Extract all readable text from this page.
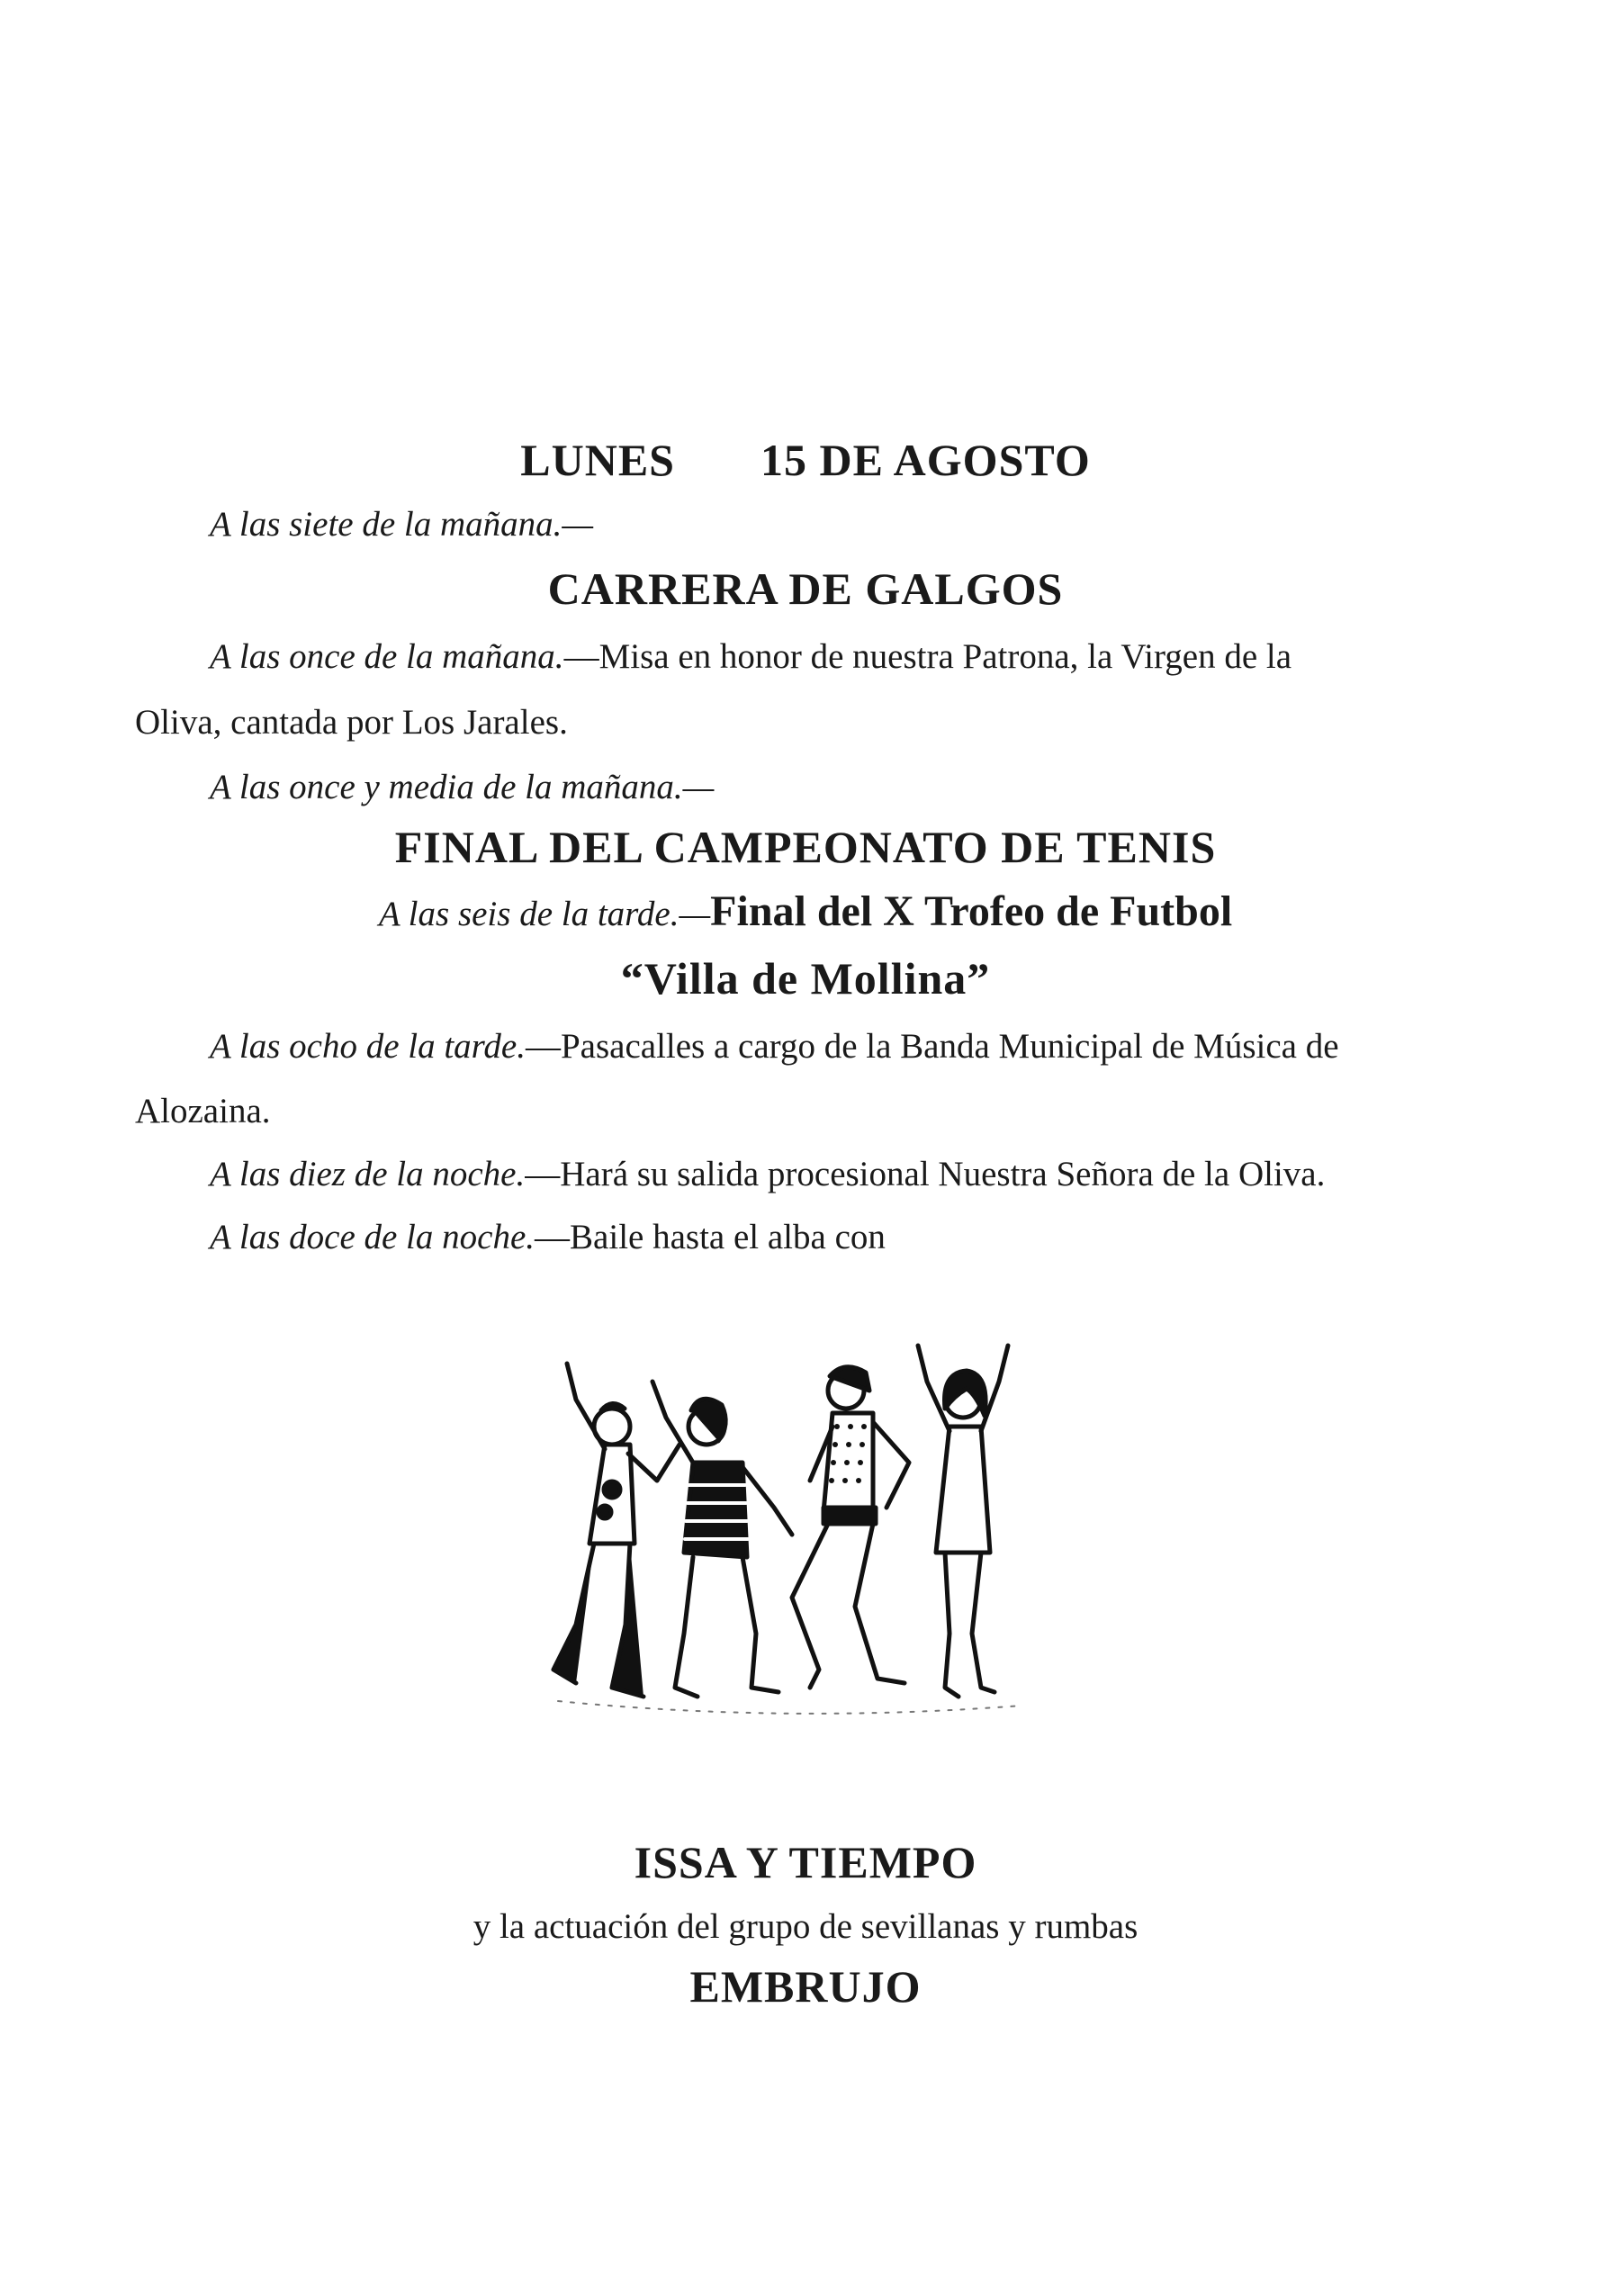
LUNES 15 DE AGOSTO
A las siete de la mañana.—
CARRERA DE GALGOS
A las once de la mañana.—Misa en honor de nuestra Patrona, la Virgen de la
Oliva, cantada por Los Jarales.
A las once y media de la mañana.—
FINAL DEL CAMPEONATO DE TENIS
A las seis de la tarde.—Final del X Trofeo de Futbol
“Villa de Mollina”
A las ocho de la tarde.—Pasacalles a cargo de la Banda Municipal de Música de
Alozaina.
A las diez de la noche.—Hará su salida procesional Nuestra Señora de la Oliva.
A las doce de la noche.—Baile hasta el alba con
ISSA Y TIEMPO
y la actuación del grupo de sevillanas y rumbas
EMBRUJO
